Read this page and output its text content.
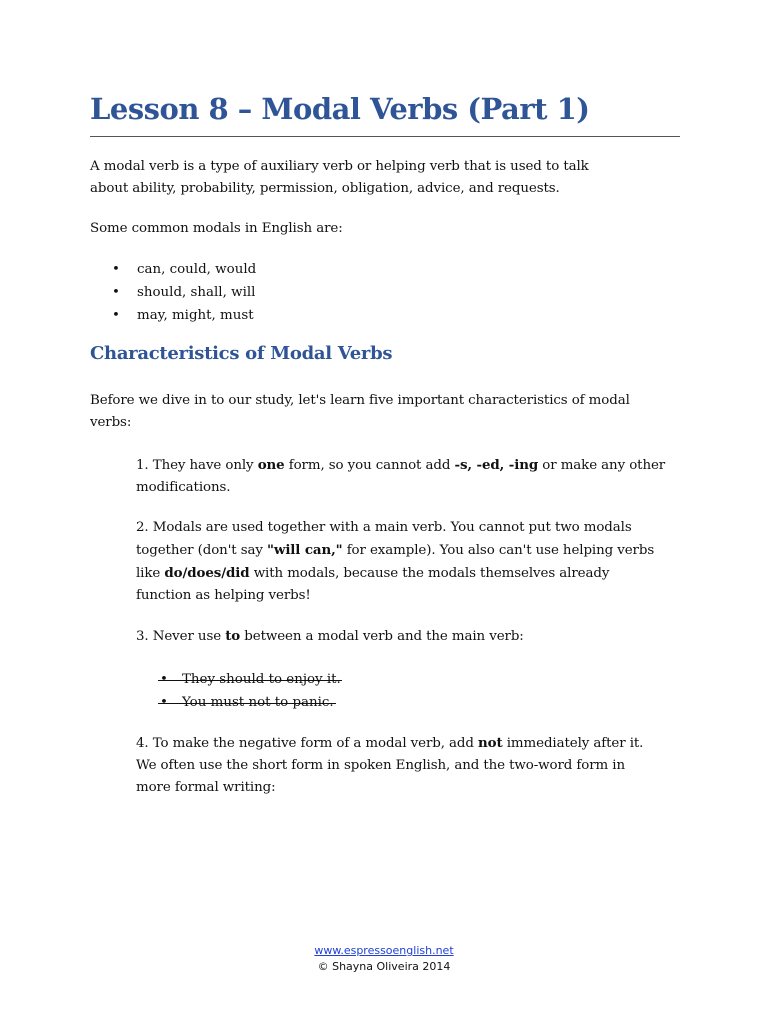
Lesson 8 – Modal Verbs (Part 1)

A modal verb is a type of auxiliary verb or helping verb that is used to talk
about ability, probability, permission, obligation, advice, and requests.

Some common modals in English are:

• can, could, would
• should, shall, will
• may, might, must
Characteristics of Modal Verbs

Before we dive in to our study, let's learn five important characteristics of modal
verbs:

1. They have only one form, so you cannot add -s, -ed, -ing or make any other
modifications.

2. Modals are used together with a main verb. You cannot put two modals
together (don't say "will can," for example). You also can't use helping verbs
like do/does/did with modals, because the modals themselves already
function as helping verbs!

3. Never use to between a modal verb and the main verb:

• They should to enjoy it.
• You must not to panic.

4. To make the negative form of a modal verb, add not immediately after it.
We often use the short form in spoken English, and the two-word form in
more formal writing:

www.espressoenglish.net
© Shayna Oliveira 2014
